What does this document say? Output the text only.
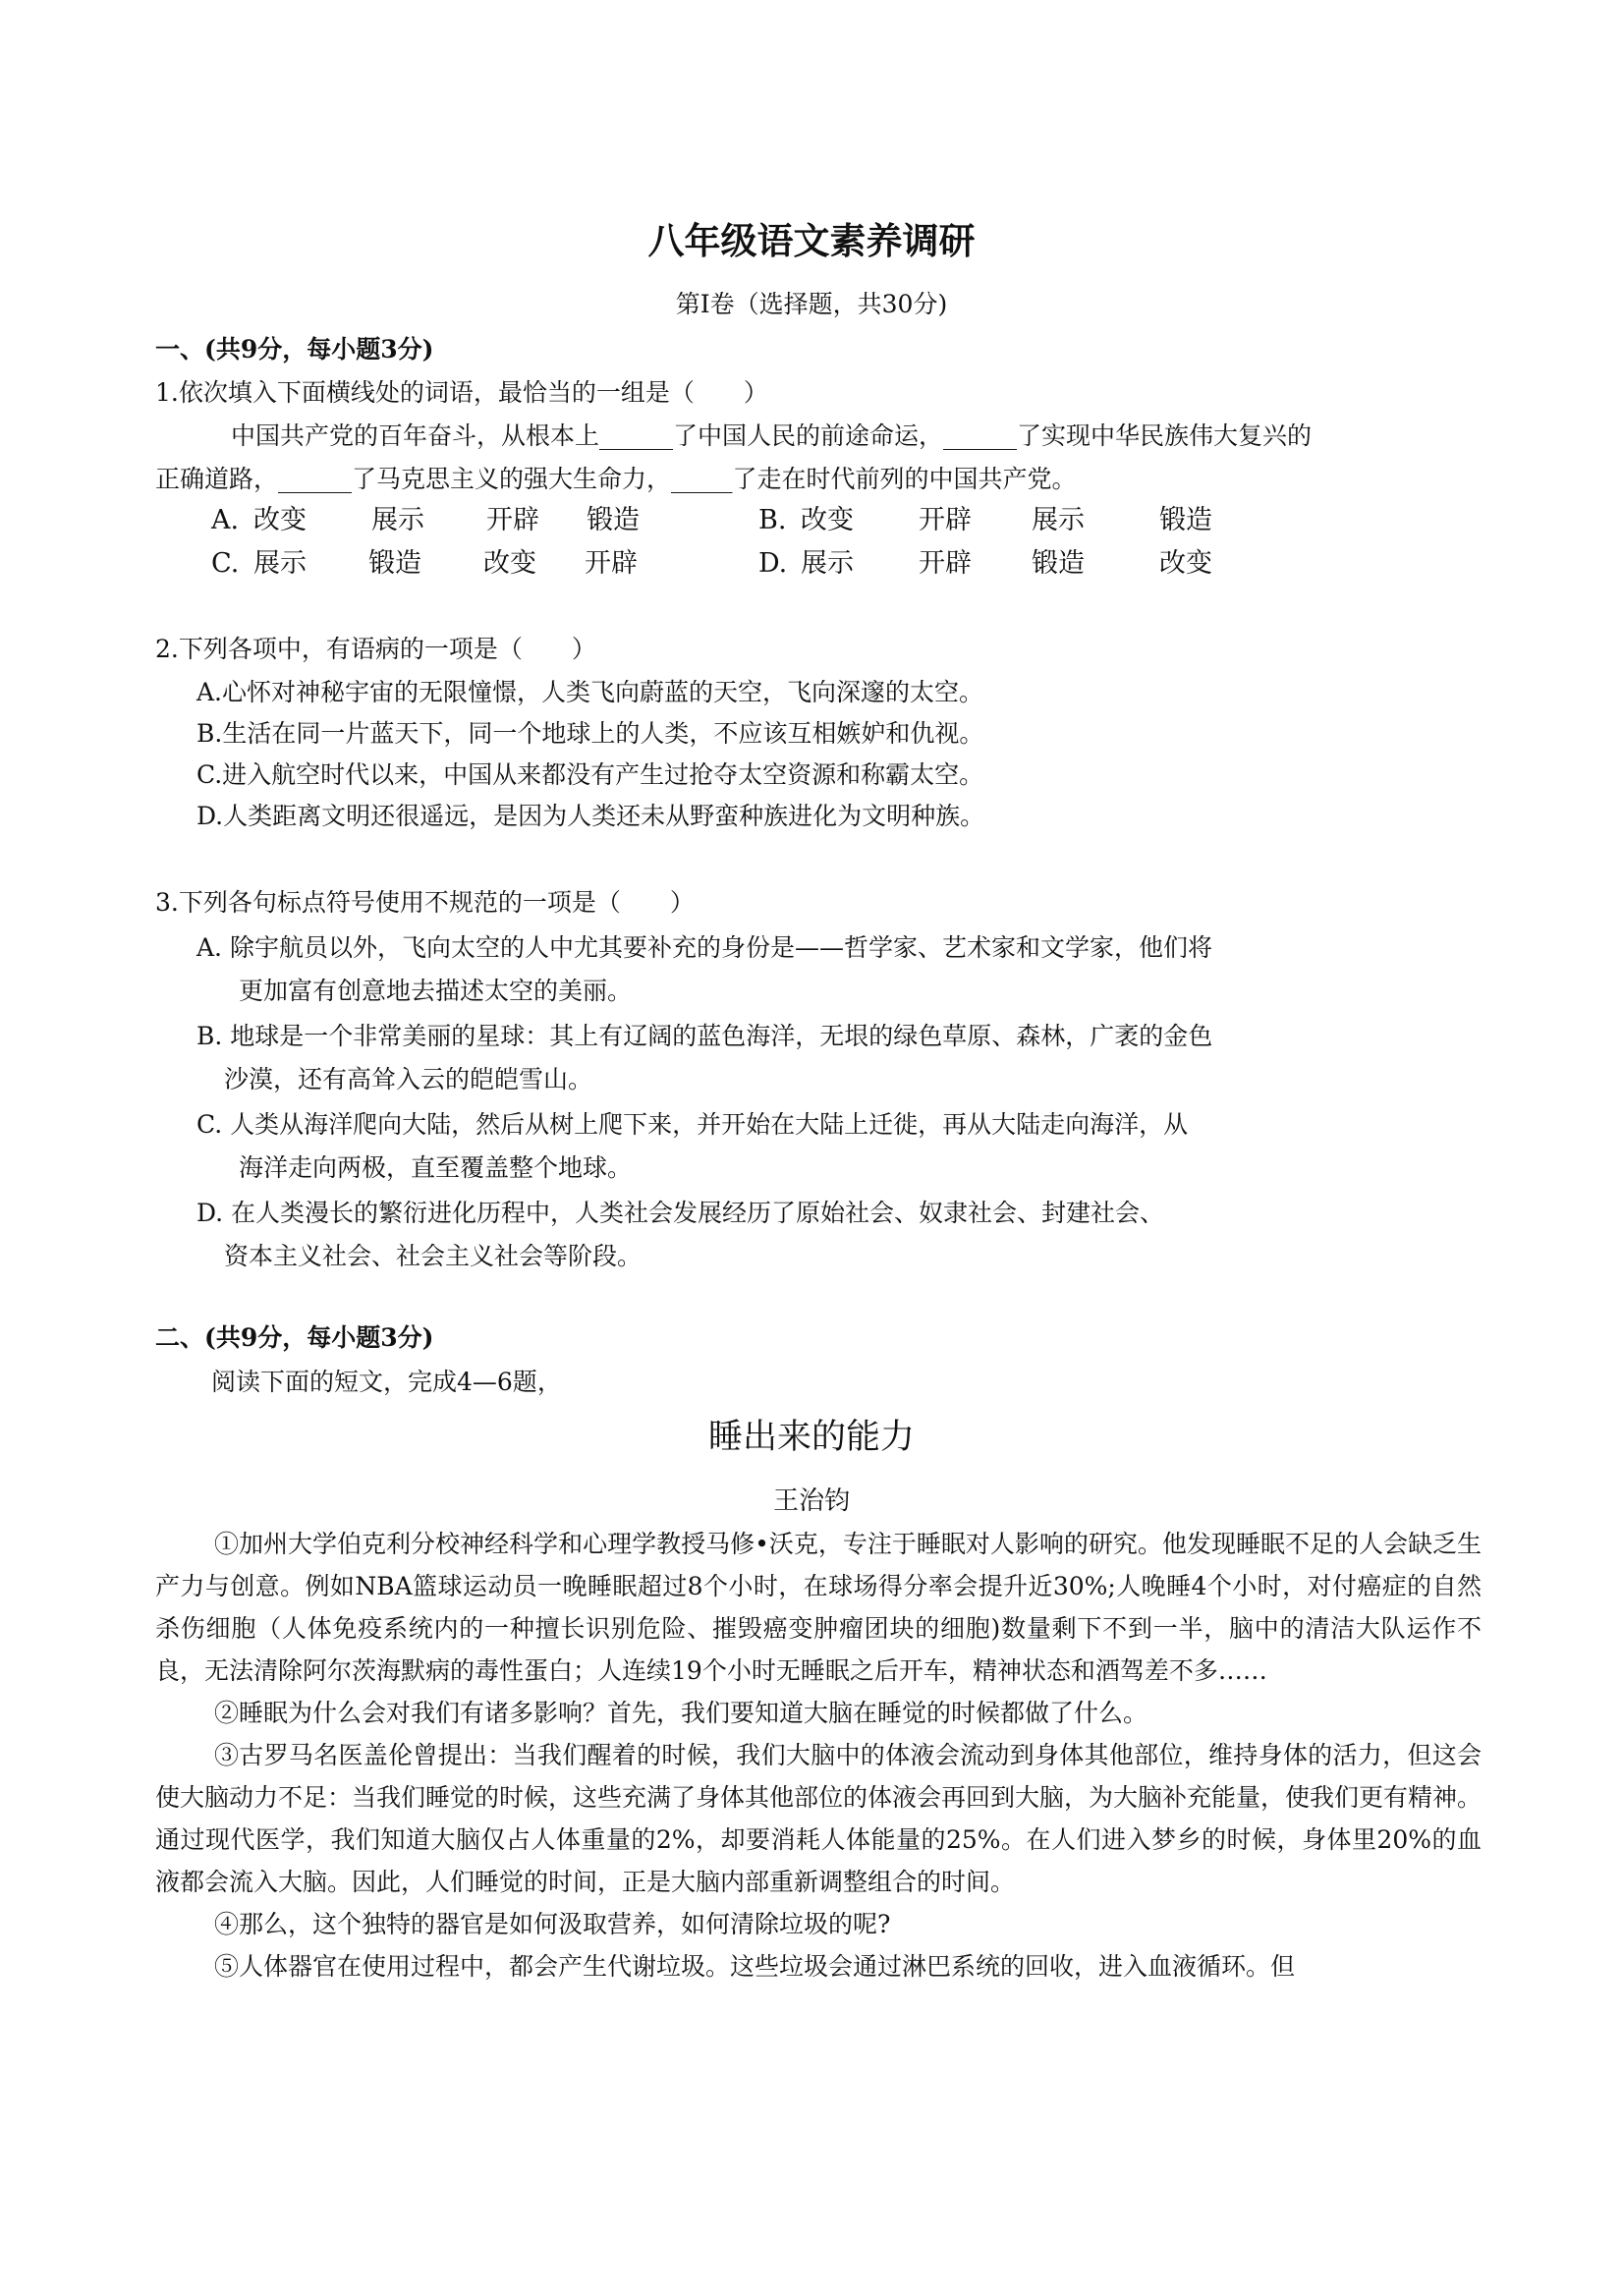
八年级语文素养调研
第I卷（选择题，共30分)
一、(共9分，每小题3分)
1.依次填入下面横线处的词语，最恰当的一组是（　　）
中国共产党的百年奋斗，从根本上______了中国人民的前途命运，______了实现中华民族伟大复兴的
正确道路，______了马克思主义的强大生命力，_____了走在时代前列的中国共产党。
A. 改变 展示 开辟 锻造	B. 改变 开辟 展示	锻造
C. 展示 锻造 改变 开辟	D. 展示 开辟 锻造	改变
2.下列各项中，有语病的一项是（　　）
A.心怀对神秘宇宙的无限憧憬，人类飞向蔚蓝的天空，飞向深邃的太空。
B.生活在同一片蓝天下，同一个地球上的人类，不应该互相嫉妒和仇视。
C.进入航空时代以来，中国从来都没有产生过抢夺太空资源和称霸太空。
D.人类距离文明还很遥远，是因为人类还未从野蛮种族进化为文明种族。
3.下列各句标点符号使用不规范的一项是（　　）
A. 除宇航员以外，飞向太空的人中尤其要补充的身份是——哲学家、艺术家和文学家，他们将
更加富有创意地去描述太空的美丽。
B. 地球是一个非常美丽的星球：其上有辽阔的蓝色海洋，无垠的绿色草原、森林，广袤的金色
沙漠，还有高耸入云的皑皑雪山。
C. 人类从海洋爬向大陆，然后从树上爬下来，并开始在大陆上迁徙，再从大陆走向海洋，从
海洋走向两极，直至覆盖整个地球。
D. 在人类漫长的繁衍进化历程中，人类社会发展经历了原始社会、奴隶社会、封建社会、
资本主义社会、社会主义社会等阶段。
二、(共9分，每小题3分)
阅读下面的短文，完成4—6题，
睡出来的能力
王治钧
①加州大学伯克利分校神经科学和心理学教授马修•沃克，专注于睡眠对人影响的研究。他发现睡眠不足的人会缺乏生产力与创意。例如NBA篮球运动员一晚睡眠超过8个小时，在球场得分率会提升近30%;人晚睡4个小时，对付癌症的自然杀伤细胞（人体免疫系统内的一种擅长识别危险、摧毁癌变肿瘤团块的细胞)数量剩下不到一半，脑中的清洁大队运作不良，无法清除阿尔茨海默病的毒性蛋白；人连续19个小时无睡眠之后开车，精神状态和酒驾差不多……
②睡眠为什么会对我们有诸多影响？首先，我们要知道大脑在睡觉的时候都做了什么。
③古罗马名医盖伦曾提出：当我们醒着的时候，我们大脑中的体液会流动到身体其他部位，维持身体的活力，但这会使大脑动力不足：当我们睡觉的时候，这些充满了身体其他部位的体液会再回到大脑，为大脑补充能量，使我们更有精神。通过现代医学，我们知道大脑仅占人体重量的2%，却要消耗人体能量的25%。在人们进入梦乡的时候，身体里20%的血液都会流入大脑。因此，人们睡觉的时间，正是大脑内部重新调整组合的时间。
④那么，这个独特的器官是如何汲取营养，如何清除垃圾的呢?
⑤人体器官在使用过程中，都会产生代谢垃圾。这些垃圾会通过淋巴系统的回收，进入血液循环。但
